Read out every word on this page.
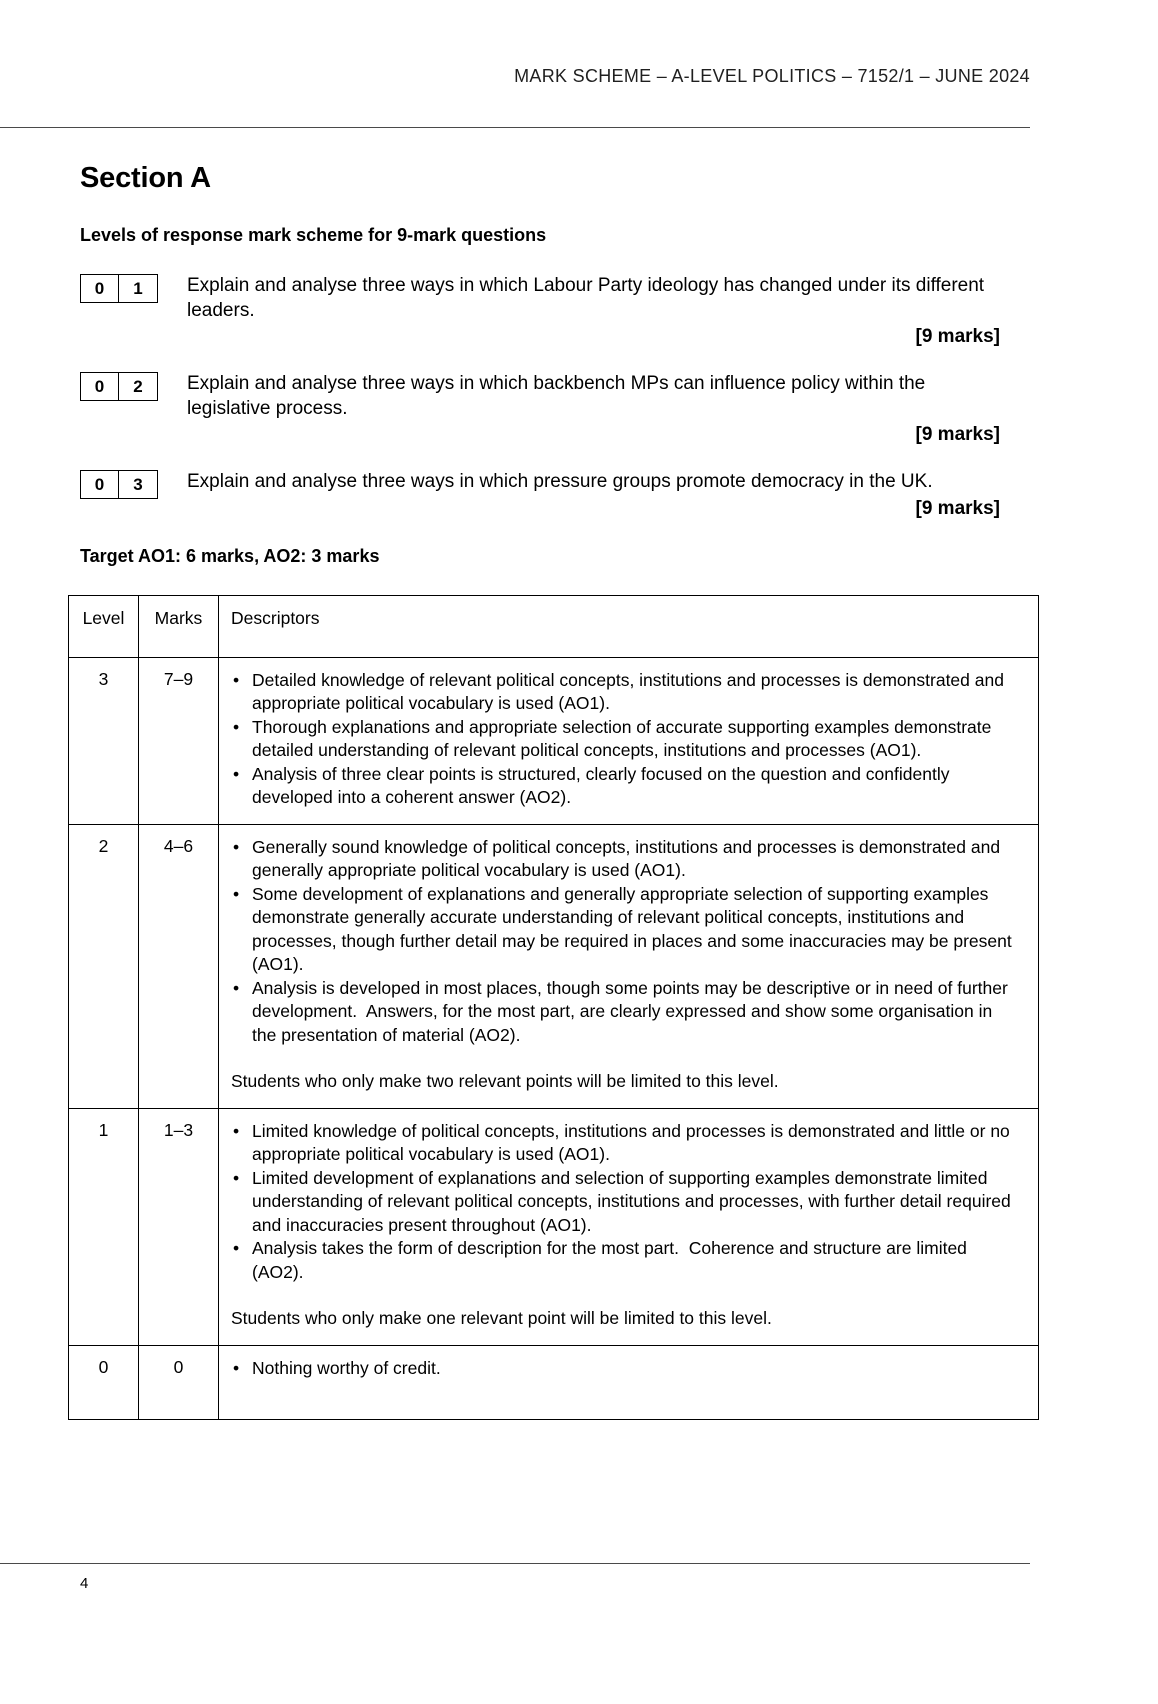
MARK SCHEME – A-LEVEL POLITICS – 7152/1 – JUNE 2024
Section A
Levels of response mark scheme for 9-mark questions
0	1	Explain and analyse three ways in which Labour Party ideology has changed under its different leaders.

[9 marks]

0	2	Explain and analyse three ways in which backbench MPs can influence policy within the legislative process.

[9 marks]

0	3	Explain and analyse three ways in which pressure groups promote democracy in the UK.

[9 marks]

Target AO1: 6 marks, AO2: 3 marks

Level	Marks	Descriptors
3	7–9	
•Detailed knowledge of relevant political concepts, institutions and processes is demonstrated and appropriate political vocabulary is used (AO1).
• Thorough explanations and appropriate selection of accurate supporting examples demonstrate detailed understanding of relevant political concepts, institutions and processes (AO1).
• Analysis of three clear points is structured, clearly focused on the question and confidently developed into a coherent answer (AO2).

2	4–6	
•Generally sound knowledge of political concepts, institutions and processes is demonstrated and generally appropriate political vocabulary is used (AO1).
• Some development of explanations and generally appropriate selection of supporting examples demonstrate generally accurate understanding of relevant political concepts, institutions and processes, though further detail may be required in places and some inaccuracies may be present (AO1).
• Analysis is developed in most places, though some points may be descriptive or in need of further development.  Answers, for the most part, are clearly expressed and show some organisation in the presentation of material (AO2).

Students who only make two relevant points will be limited to this level.

1	1–3	
•Limited knowledge of political concepts, institutions and processes is demonstrated and little or no appropriate political vocabulary is used (AO1).
• Limited development of explanations and selection of supporting examples demonstrate limited understanding of relevant political concepts, institutions and processes, with further detail required and inaccuracies present throughout (AO1).
• Analysis takes the form of description for the most part.  Coherence and structure are limited (AO2).

Students who only make one relevant point will be limited to this level.

0	0	
•Nothing worthy of credit.
4
